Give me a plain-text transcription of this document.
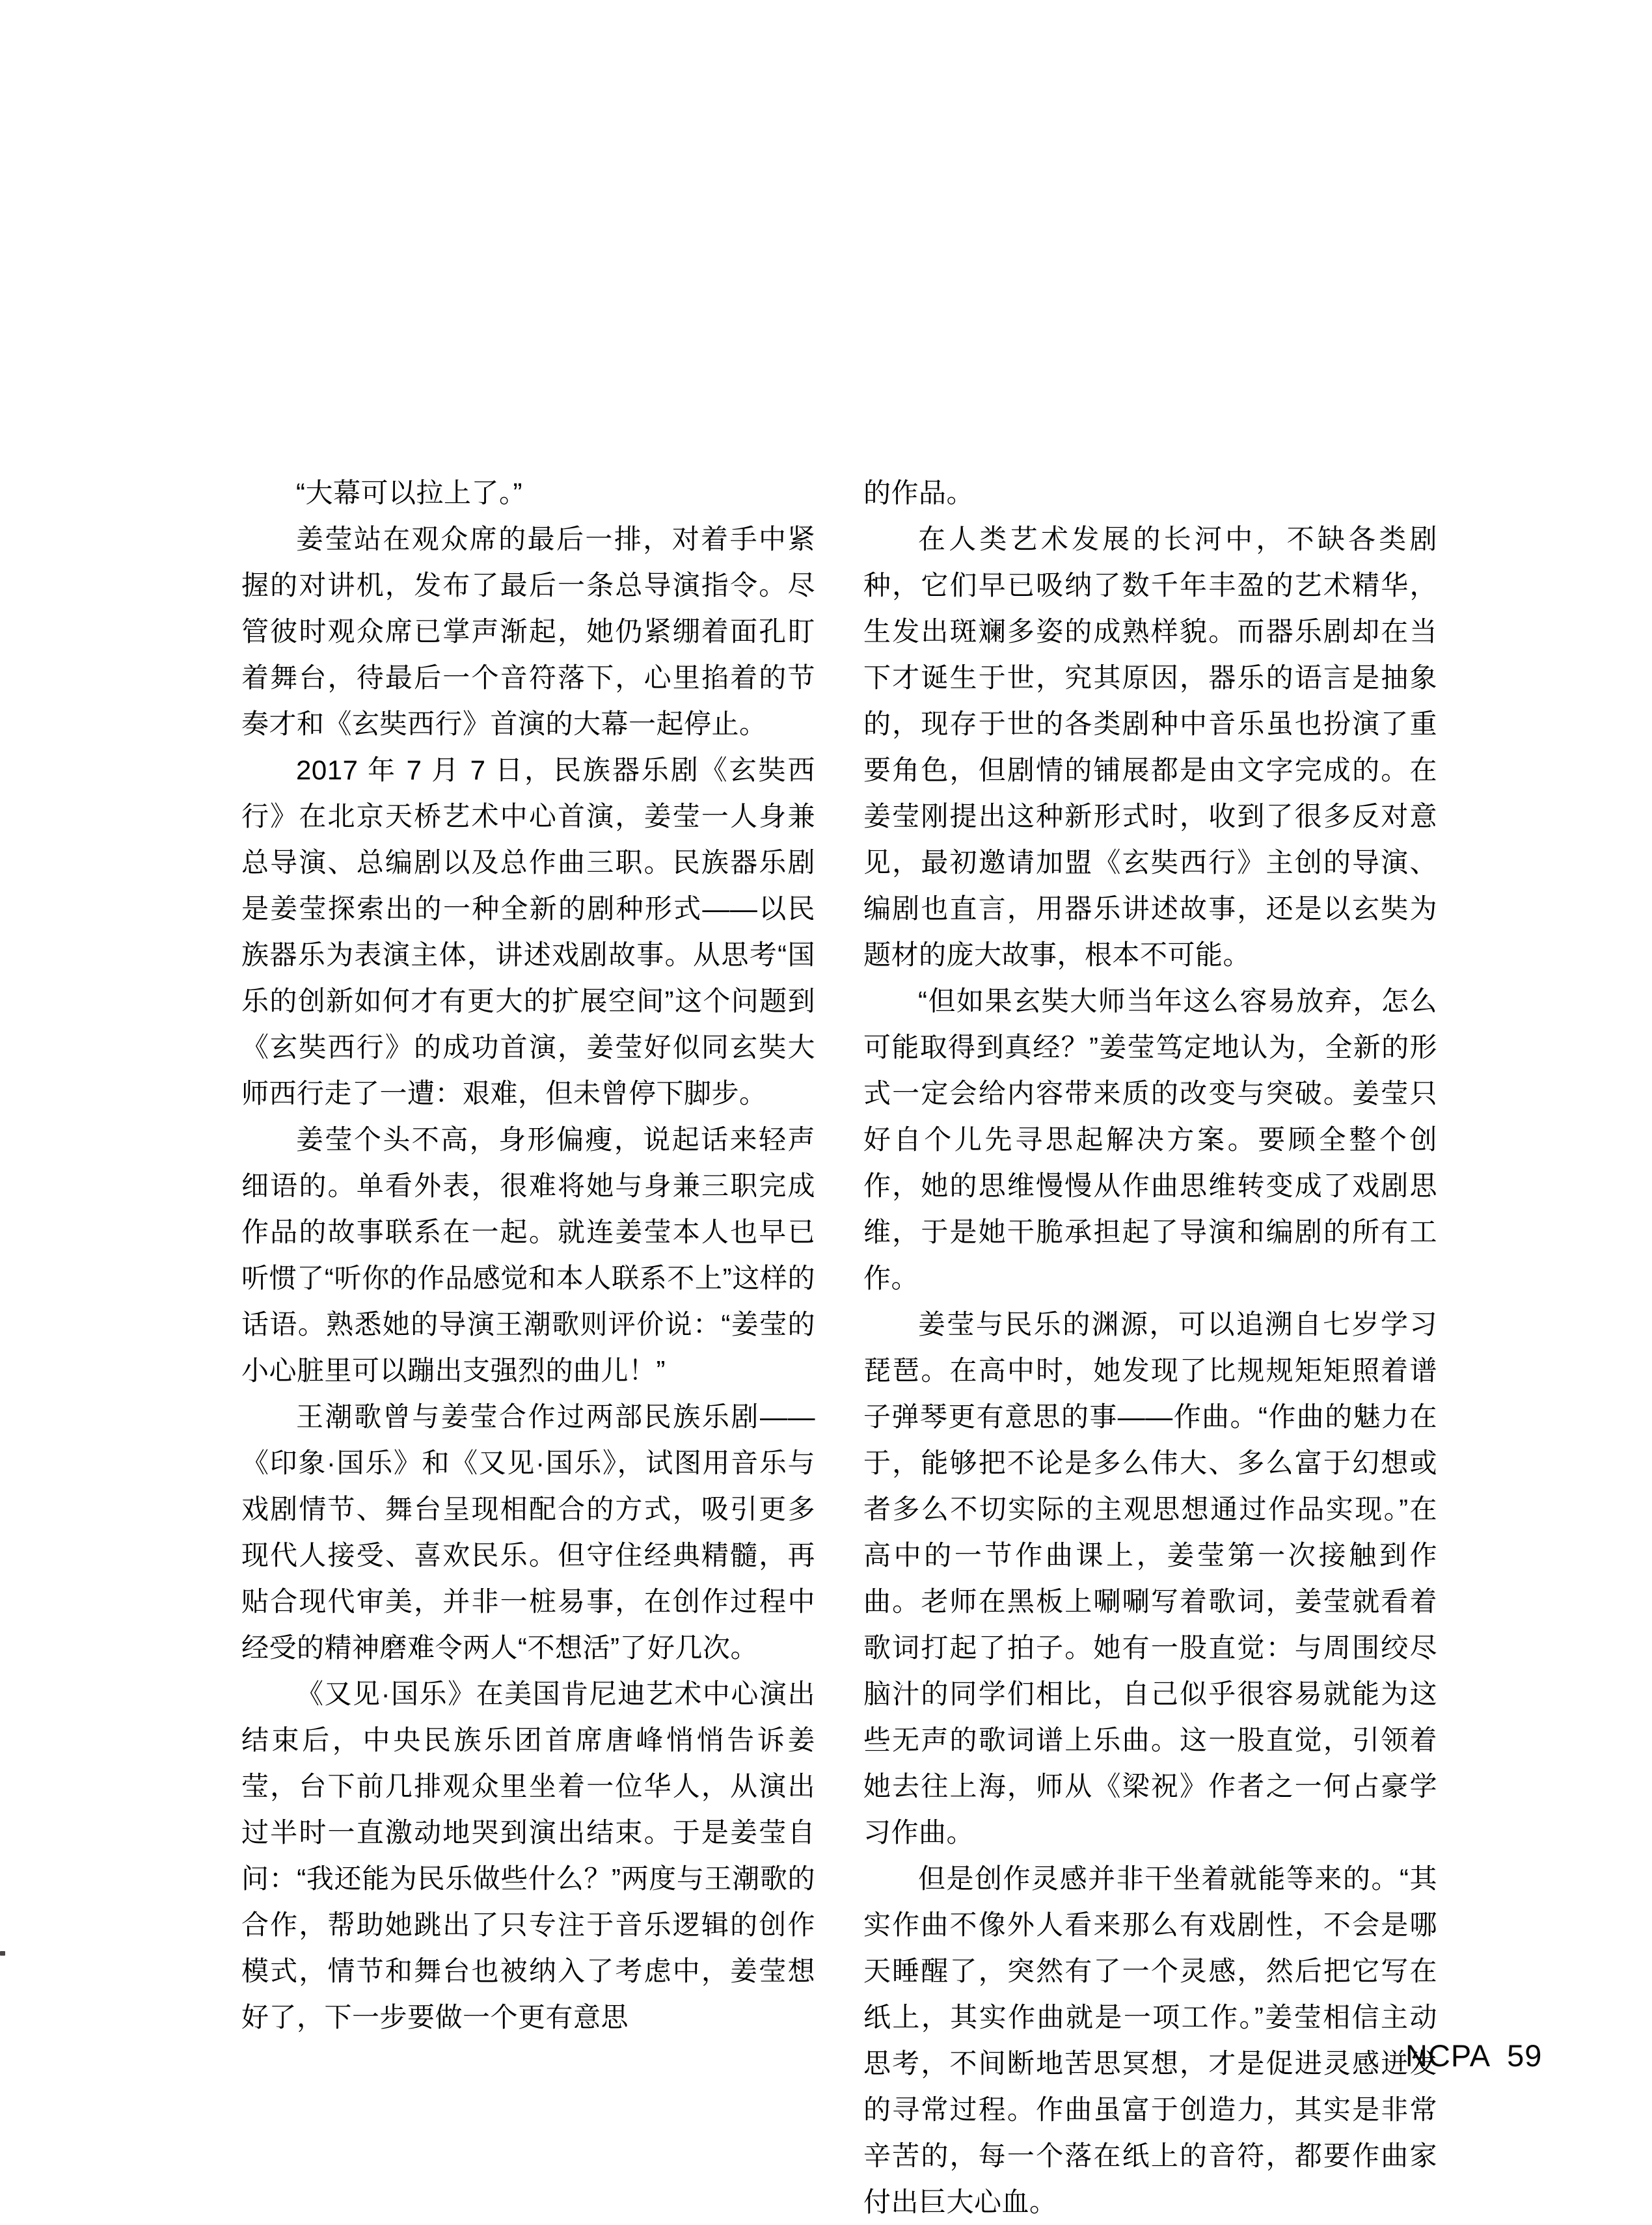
“大幕可以拉上了。”

姜莹站在观众席的最后一排，对着手中紧握的对讲机，发布了最后一条总导演指令。尽管彼时观众席已掌声渐起，她仍紧绷着面孔盯着舞台，待最后一个音符落下，心里掐着的节奏才和《玄奘西行》首演的大幕一起停止。

2017 年 7 月 7 日，民族器乐剧《玄奘西行》在北京天桥艺术中心首演，姜莹一人身兼总导演、总编剧以及总作曲三职。民族器乐剧是姜莹探索出的一种全新的剧种形式——以民族器乐为表演主体，讲述戏剧故事。从思考“国乐的创新如何才有更大的扩展空间”这个问题到《玄奘西行》的成功首演，姜莹好似同玄奘大师西行走了一遭：艰难，但未曾停下脚步。

姜莹个头不高，身形偏瘦，说起话来轻声细语的。单看外表，很难将她与身兼三职完成作品的故事联系在一起。就连姜莹本人也早已听惯了“听你的作品感觉和本人联系不上”这样的话语。熟悉她的导演王潮歌则评价说：“姜莹的小心脏里可以蹦出支强烈的曲儿！”

王潮歌曾与姜莹合作过两部民族乐剧——《印象·国乐》和《又见·国乐》，试图用音乐与戏剧情节、舞台呈现相配合的方式，吸引更多现代人接受、喜欢民乐。但守住经典精髓，再贴合现代审美，并非一桩易事，在创作过程中经受的精神磨难令两人“不想活”了好几次。

《又见·国乐》在美国肯尼迪艺术中心演出结束后，中央民族乐团首席唐峰悄悄告诉姜莹，台下前几排观众里坐着一位华人，从演出过半时一直激动地哭到演出结束。于是姜莹自问：“我还能为民乐做些什么？”两度与王潮歌的合作，帮助她跳出了只专注于音乐逻辑的创作模式，情节和舞台也被纳入了考虑中，姜莹想好了，下一步要做一个更有意思

的作品。

在人类艺术发展的长河中，不缺各类剧种，它们早已吸纳了数千年丰盈的艺术精华，生发出斑斓多姿的成熟样貌。而器乐剧却在当下才诞生于世，究其原因，器乐的语言是抽象的，现存于世的各类剧种中音乐虽也扮演了重要角色，但剧情的铺展都是由文字完成的。在姜莹刚提出这种新形式时，收到了很多反对意见，最初邀请加盟《玄奘西行》主创的导演、编剧也直言，用器乐讲述故事，还是以玄奘为题材的庞大故事，根本不可能。

“但如果玄奘大师当年这么容易放弃，怎么可能取得到真经？”姜莹笃定地认为，全新的形式一定会给内容带来质的改变与突破。姜莹只好自个儿先寻思起解决方案。要顾全整个创作，她的思维慢慢从作曲思维转变成了戏剧思维，于是她干脆承担起了导演和编剧的所有工作。

姜莹与民乐的渊源，可以追溯自七岁学习琵琶。在高中时，她发现了比规规矩矩照着谱子弹琴更有意思的事——作曲。“作曲的魅力在于，能够把不论是多么伟大、多么富于幻想或者多么不切实际的主观思想通过作品实现。”在高中的一节作曲课上，姜莹第一次接触到作曲。老师在黑板上唰唰写着歌词，姜莹就看着歌词打起了拍子。她有一股直觉：与周围绞尽脑汁的同学们相比，自己似乎很容易就能为这些无声的歌词谱上乐曲。这一股直觉，引领着她去往上海，师从《梁祝》作者之一何占豪学习作曲。

但是创作灵感并非干坐着就能等来的。“其实作曲不像外人看来那么有戏剧性，不会是哪天睡醒了，突然有了一个灵感，然后把它写在纸上，其实作曲就是一项工作。”姜莹相信主动思考，不间断地苦思冥想，才是促进灵感迸发的寻常过程。作曲虽富于创造力，其实是非常辛苦的，每一个落在纸上的音符，都要作曲家付出巨大心血。

NCPA 59
